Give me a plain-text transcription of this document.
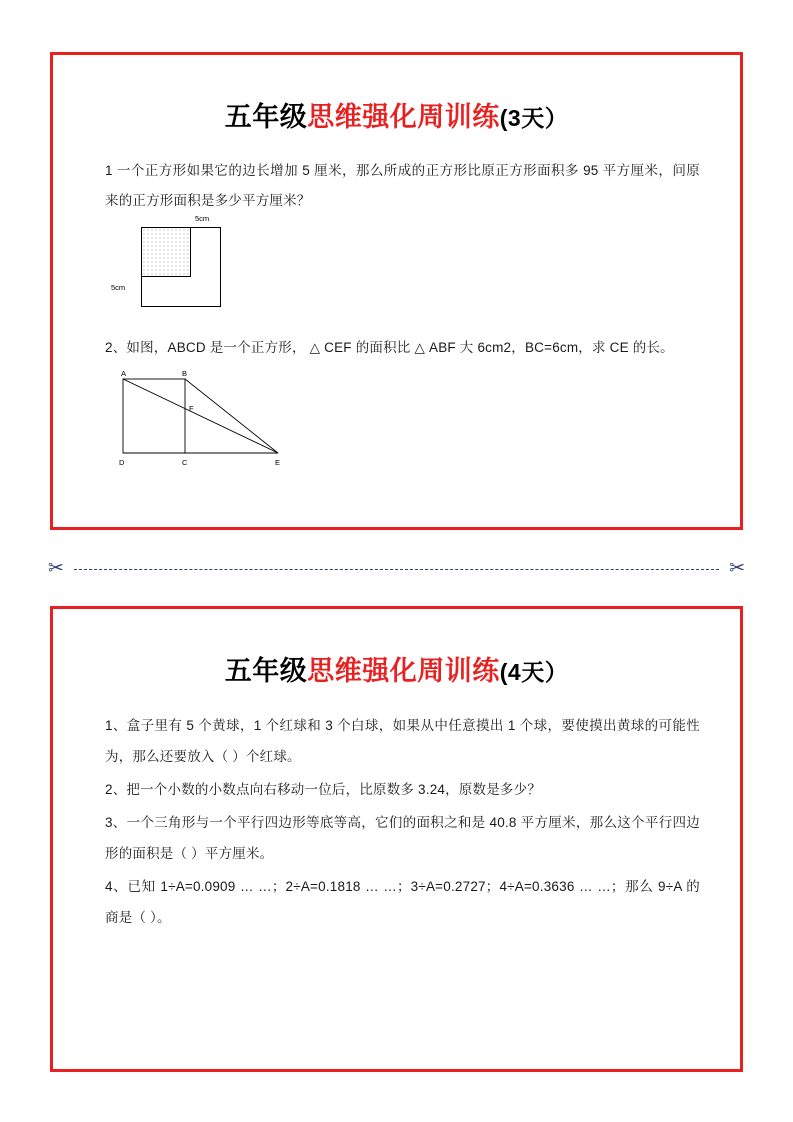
五年级思维强化周训练(3天）

1 一个正方形如果它的边长增加 5 厘米，那么所成的正方形比原正方形面积多 95 平方厘米，问原来的正方形面积是多少平方厘米？

5cm
5cm

2、如图，ABCD 是一个正方形， △ CEF 的面积比 △ ABF 大 6cm2，BC=6cm，求 CE 的长。

A	B
F
D	C	E
✂	✂
五年级思维强化周训练(4天）

1、盒子里有 5 个黄球，1 个红球和 3 个白球，如果从中任意摸出 1 个球，要使摸出黄球的可能性为，那么还要放入（ ）个红球。

2、把一个小数的小数点向右移动一位后，比原数多 3.24，原数是多少？

3、一个三角形与一个平行四边形等底等高，它们的面积之和是 40.8 平方厘米，那么这个平行四边形的面积是（ ）平方厘米。

4、已知 1÷A=0.0909 … …；2÷A=0.1818 … …；3÷A=0.2727；4÷A=0.3636 … …；那么 9÷A 的商是（ ）。
